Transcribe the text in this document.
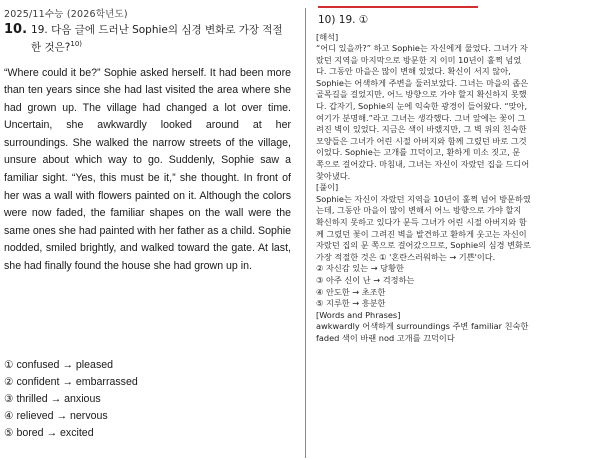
2025/11수능 (2026학년도)
10. 19. 다음 글에 드러난 Sophie의 심경 변화로 가장 적절한 것은?$^{10)}$
“Where could it be?” Sophie asked herself. It had been more than ten years since she had last visited the area where she had grown up. The village had changed a lot over time. Uncertain, she awkwardly looked around at her surroundings. She walked the narrow streets of the village, unsure about which way to go. Suddenly, Sophie saw a familiar sight. “Yes, this must be it,” she thought. In front of her was a wall with flowers painted on it. Although the colors were now faded, the familiar shapes on the wall were the same ones she had painted with her father as a child. Sophie nodded, smiled brightly, and walked toward the gate. At last, she had finally found the house she had grown up in.
① confused → pleased
② confident → embarrassed
③ thrilled → anxious
④ relieved → nervous
⑤ bored → excited
10) 19. ①
[해석]
“어디 있을까?” 하고 Sophie는 자신에게 물었다. 그녀가 자
랐던 지역을 마지막으로 방문한 지 이미 10년이 훌쩍 넘었
다. 그동안 마을은 많이 변해 있었다. 확신이 서지 않아,
Sophie는 어색하게 주변을 둘러보았다. 그녀는 마을의 좁은
골목길을 걸었지만, 어느 방향으로 가야 할지 확신하지 못했
다. 갑자기, Sophie의 눈에 익숙한 광경이 들어왔다. “맞아,
여기가 분명해.”라고 그녀는 생각했다. 그녀 앞에는 꽃이 그
려진 벽이 있었다. 지금은 색이 바랬지만, 그 벽 위의 친숙한
모양들은 그녀가 어린 시절 아버지와 함께 그렸던 바로 그것
이었다. Sophie는 고개를 끄덕이고, 환하게 미소 짓고, 문
쪽으로 걸어갔다. 마침내, 그녀는 자신이 자랐던 집을 드디어
찾아냈다.
[풀이]
Sophie는 자신이 자랐던 지역을 10년이 훌쩍 넘어 방문하였
는데, 그동안 마을이 많이 변해서 어느 방향으로 가야 할지
확신하지 못하고 있다가 문득 그녀가 어린 시절 아버지와 함
께 그렸던 꽃이 그려진 벽을 발견하고 환하게 웃고는 자신이
자랐던 집의 문 쪽으로 걸어갔으므로, Sophie의 심경 변화로
가장 적절한 것은 ① '혼란스러워하는 → 기쁜'이다.
② 자신감 있는 → 당황한
③ 아주 신이 난 → 걱정하는
④ 안도한 → 초조한
⑤ 지루한 → 흥분한
[Words and Phrases]
awkwardly 어색하게 surroundings 주변 familiar 친숙한
faded 색이 바랜 nod 고개를 끄덕이다
